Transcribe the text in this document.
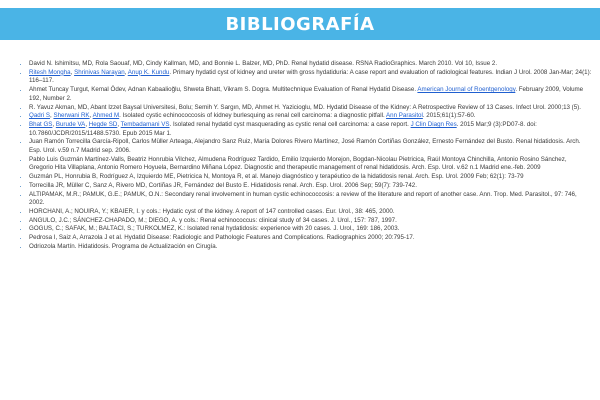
BIBLIOGRAFÍA
• David N. Ishimitsu, MD, Rola Saouaf, MD, Cindy Kallman, MD, and Bonnie L. Balzer, MD, PhD. Renal hydatid disease. RSNA RadioGraphics. March 2010. Vol 10, Issue 2.
• Ritesh Mongha, Shrinivas Narayan, Anup K. Kundu. Primary hydatid cyst of kidney and ureter with gross hydatiduria: A case report and evaluation of radiological features. Indian J Urol. 2008 Jan-Mar; 24(1): 116–117.
• Ahmet Tuncay Turgut, Kemal Ödev, Adnan Kabaalioğlu, Shweta Bhatt, Vikram S. Dogra. Multitechnique Evaluation of Renal Hydatid Disease. American Journal of Roentgenology. February 2009, Volume 192, Number 2.
• R. Yavuz Akman, MD, Abant Izzet Baysal Universitesi, Bolu; Semih Y. Sargın, MD, Ahmet H. Yazicioglu, MD. Hydatid Disease of the Kidney: A Retrospective Review of 13 Cases. Infect Urol. 2000;13 (5).
• Qadri S, Sherwani RK, Ahmed M. Isolated cystic echinococcosis of kidney burlesquing as renal cell carcinoma: a diagnostic pitfall. Ann Parasitol. 2015;61(1):57-60.
• Bhat GS, Burude VA, Hegde SD, Tembadamani VS. Isolated renal hydatid cyst masquerading as cystic renal cell carcinoma: a case report. J Clin Diagn Res. 2015 Mar;9 (3):PD07-8. doi: 10.7860/JCDR/2015/11488.5730. Epub 2015 Mar 1.
• Juan Ramón Torrecilla García-Ripoll, Carlos Müller Arteaga, Alejandro Sanz Ruiz, María Dolores Rivero Martínez, José Ramón Cortiñas González, Ernesto Fernández del Busto. Renal hidatidosis. Arch. Esp. Urol. v.59 n.7 Madrid sep. 2006.
• Pablo Luis Guzmán Martínez-Valls, Beatriz Honrubia Vilchez, Almudena Rodríguez Tardido, Emilio Izquierdo Morejon, Bogdan-Nicolau Pietricica, Raúl Montoya Chinchilla, Antonio Rosino Sánchez, Gregorio Hita Villaplana, Antonio Romero Hoyuela, Bernardino Miñana López. Diagnostic and therapeutic management of renal hidatidosis. Arch. Esp. Urol. v.62 n.1 Madrid ene.-feb. 2009
• Guzmán PL, Honrubia B, Rodríguez A, Izquierdo ME, Pietricica N, Montoya R, et al. Manejo diagnóstico y terapéutico de la hidatidosis renal. Arch. Esp. Urol. 2009 Feb; 62(1): 73-79
• Torrecilla JR, Müller C, Sanz A, Rivero MD, Cortiñas JR, Fernández del Busto E. Hidatidosis renal. Arch. Esp. Urol. 2006 Sep; 59(7): 739-742.
• ALTIPAMAK, M.R.; PAMUK, G.E.; PAMUK, O.N.: Secondary renal involvement in human cystic echinococcosis: a review of the literature and report of another case. Ann. Trop. Med. Parasitol., 97: 746, 2002.
• HORCHANI, A.; NOUIRA, Y.; KBAIER, I. y cols.: Hydatic cyst of the kidney. A report of 147 controlled cases. Eur. Urol., 38: 465, 2000.
• ANGULO, J.C.; SÁNCHEZ-CHAPADO, M.; DIEGO, A. y cols.: Renal echinococcus: clinical study of 34 cases. J. Urol., 157: 787, 1997.
• GOGUS, C.; SAFAK, M.; BALTACI, S.; TURKOLMEZ, K.: Isolated renal hydatidosis: experience with 20 cases. J. Urol., 169: 186, 2003.
• Pedrosa I, Saiz A, Arrazola J et al. Hydatid Disease: Radiologic and Pathologic Features and Complications. Radiographics 2000; 20:795-17.
• Odriozola Martín. Hidatidosis. Programa de Actualización en Cirugía.
